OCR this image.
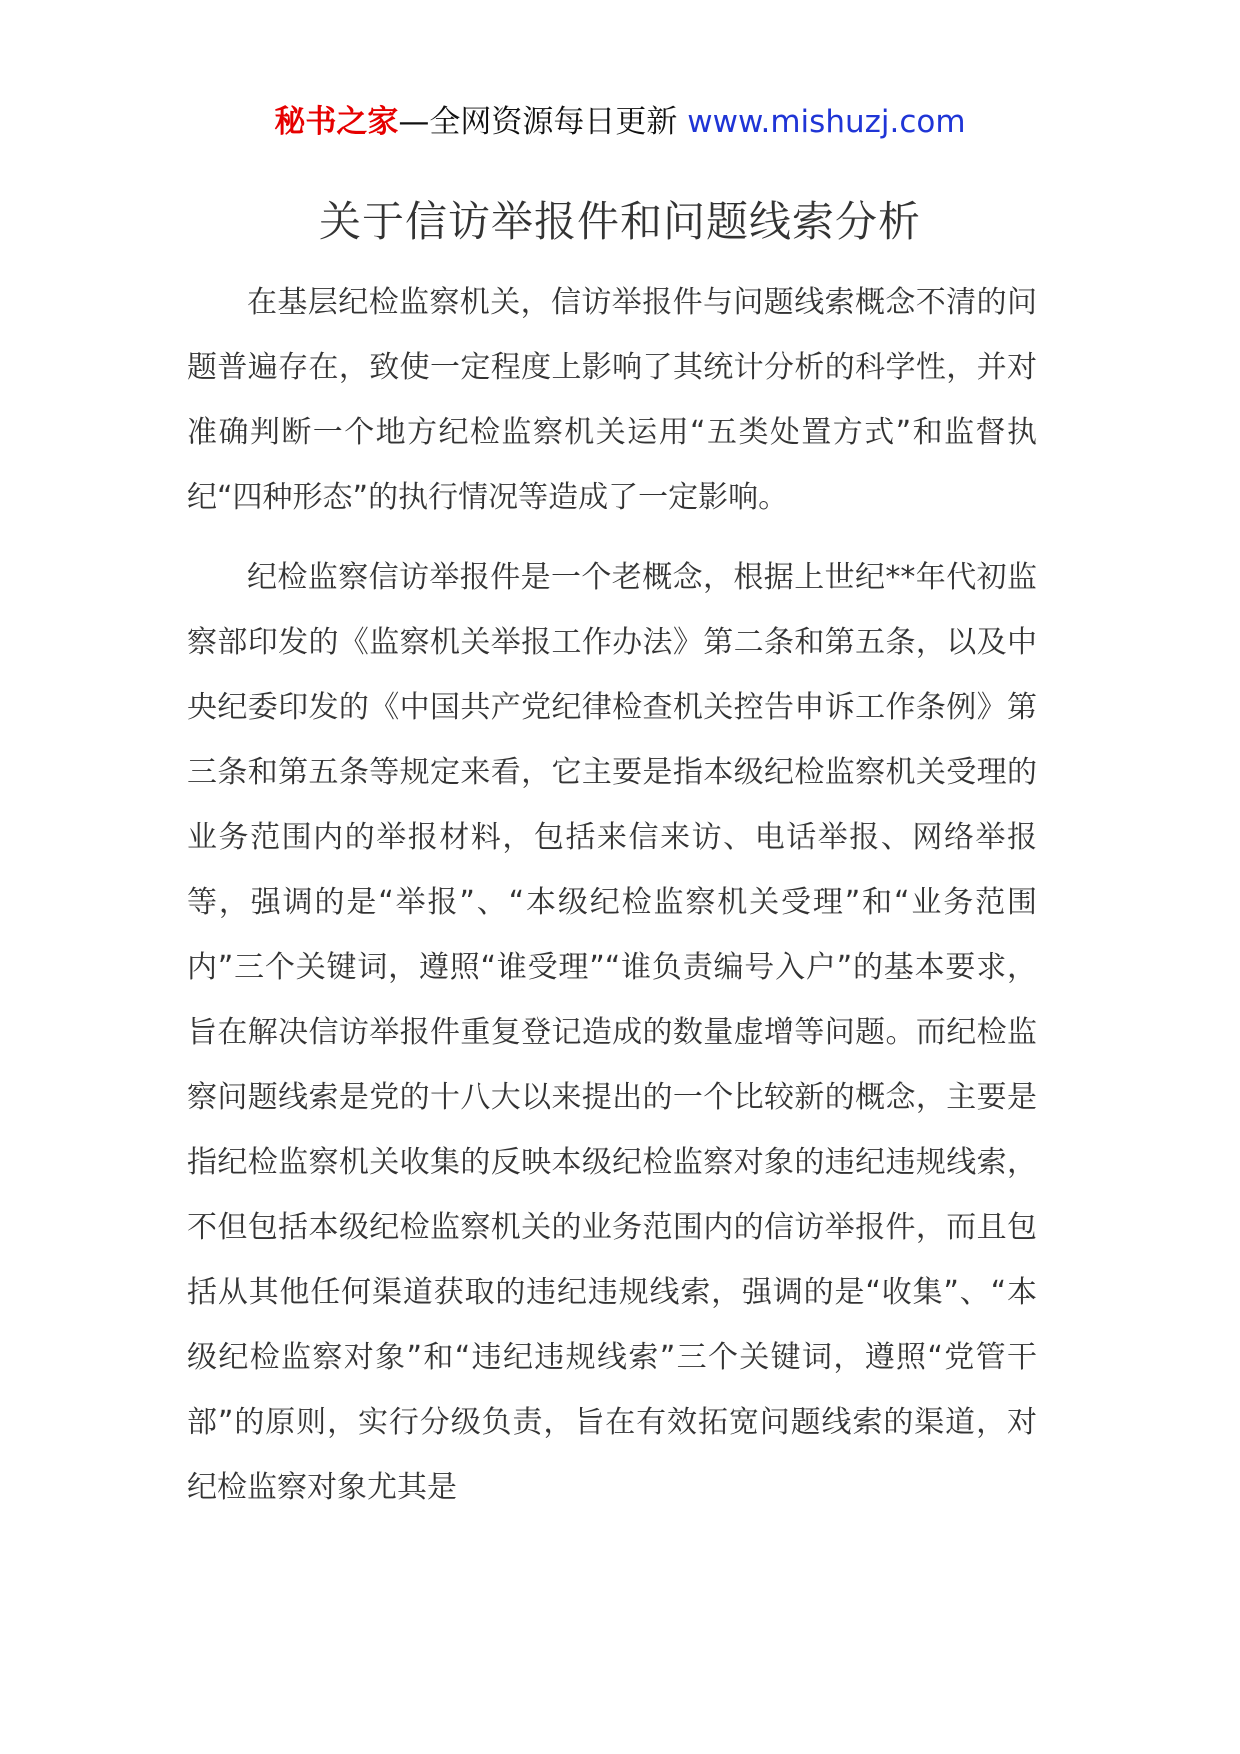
秘书之家—全网资源每日更新 www.mishuzj.com
关于信访举报件和问题线索分析

在基层纪检监察机关，信访举报件与问题线索概念不清的问题普遍存在，致使一定程度上影响了其统计分析的科学性，并对准确判断一个地方纪检监察机关运用“五类处置方式”和监督执纪“四种形态”的执行情况等造成了一定影响。

纪检监察信访举报件是一个老概念，根据上世纪**年代初监察部印发的《监察机关举报工作办法》第二条和第五条，以及中央纪委印发的《中国共产党纪律检查机关控告申诉工作条例》第三条和第五条等规定来看，它主要是指本级纪检监察机关受理的业务范围内的举报材料，包括来信来访、电话举报、网络举报等，强调的是“举报”、“本级纪检监察机关受理”和“业务范围内”三个关键词，遵照“谁受理”“谁负责编号入户”的基本要求，旨在解决信访举报件重复登记造成的数量虚增等问题。而纪检监察问题线索是党的十八大以来提出的一个比较新的概念，主要是指纪检监察机关收集的反映本级纪检监察对象的违纪违规线索，不但包括本级纪检监察机关的业务范围内的信访举报件，而且包括从其他任何渠道获取的违纪违规线索，强调的是“收集”、“本级纪检监察对象”和“违纪违规线索”三个关键词，遵照“党管干部”的原则，实行分级负责，旨在有效拓宽问题线索的渠道，对纪检监察对象尤其是
